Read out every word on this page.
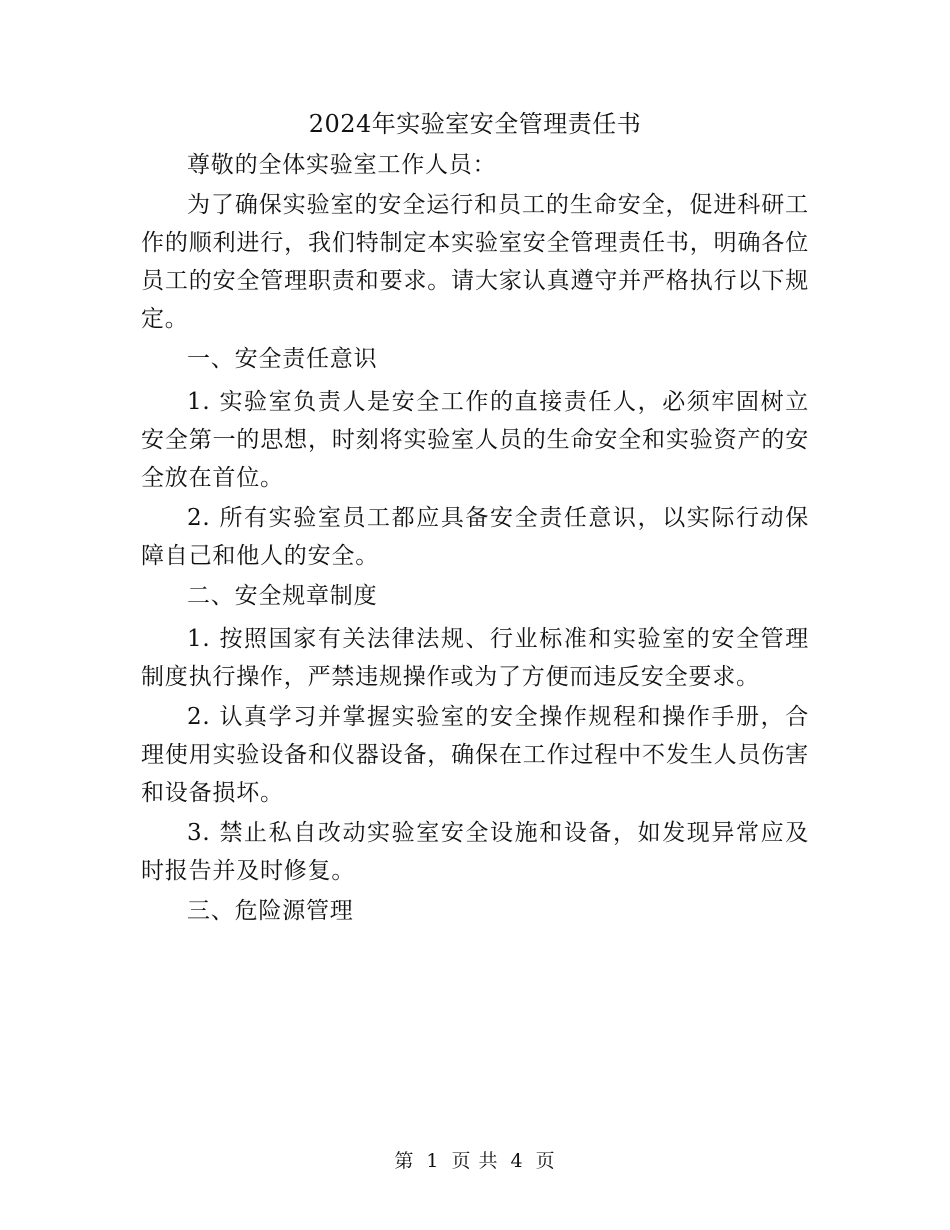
2024年实验室安全管理责任书

尊敬的全体实验室工作人员：

为了确保实验室的安全运行和员工的生命安全，促进科研工作的顺利进行，我们特制定本实验室安全管理责任书，明确各位员工的安全管理职责和要求。请大家认真遵守并严格执行以下规定。

一、安全责任意识

1. 实验室负责人是安全工作的直接责任人，必须牢固树立安全第一的思想，时刻将实验室人员的生命安全和实验资产的安全放在首位。

2. 所有实验室员工都应具备安全责任意识，以实际行动保障自己和他人的安全。

二、安全规章制度

1. 按照国家有关法律法规、行业标准和实验室的安全管理制度执行操作，严禁违规操作或为了方便而违反安全要求。

2. 认真学习并掌握实验室的安全操作规程和操作手册，合理使用实验设备和仪器设备，确保在工作过程中不发生人员伤害和设备损坏。

3. 禁止私自改动实验室安全设施和设备，如发现异常应及时报告并及时修复。

三、危险源管理

第 1 页 共 4 页
